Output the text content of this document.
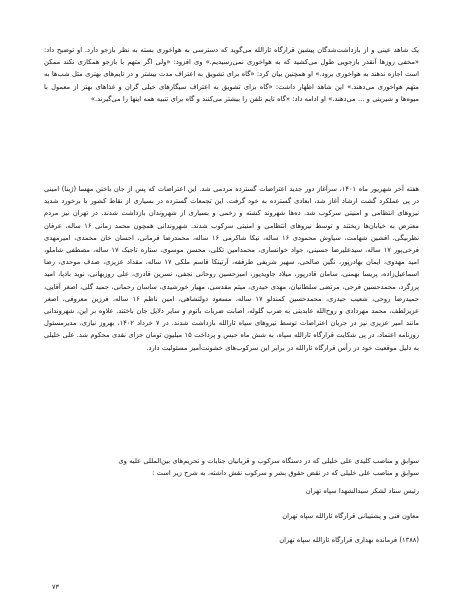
یک شاهد عینی و از بازداشت‌شدگان پیشین قرارگاه ثارالله می‌گوید که دسترسی به هواخوری بسته به نظر بازجو دارد. او توضیح داد: «مخفی روزها آنقدر بازجویی طول می‌کشید که به هواخوری نمی‌رسیدیم.» وی افزود: «ولی اگر متهم با بازجو همکاری نکند ممکن است اجازه ندهند به هواخوری برود.» او همچنین بیان کرد: «گاه برای تشویق به اعتراف مدت بیشتر و در تایم‌های بهتری مثل شب‌ها به متهم هواخوری می‌دهند.» این شاهد اظهار داشت: «گاه برای تشویق به اعتراف سیگارهای خیلی گران و غذاهای بهتر از معمول با میوه‌ها و شیرینی و ... می‌دهند.» او ادامه داد: «گاه تایم تلفن را بیشتر می‌کنند و گاه برای تنبیه همه اینها را می‌گیرند.»

هفته آخر شهریور ماه ۱۴۰۱، سرآغاز دور جدید اعتراضات گسترده مردمی شد. این اعتراضات که پس از جان باختن مهسا (ژینا) امینی در پی عملکرد گشت ارشاد آغاز شد، ابعادی گسترده به خود گرفت. این تجمعات گسترده در بسیاری از نقاط کشور با برخورد شدید نیروهای انتظامی و امنیتی سرکوب شد. ده‌ها شهروند کشته و زخمی و بسیاری از شهروندان بازداشت شدند. در تهران نیز مردم معترض به خیابان‌ها ریختند و توسط نیروهای انتظامی و امنیتی سرکوب شدند. شهروندانی همچون محمد زمانی ۱۶ ساله، عرفان نظربیگی، افشین شهامت، سیاوش محمودی ۱۶ ساله، نیکا شاکرمی ۱۶ ساله، محمدرضا قرمانی، احسان خان محمدی، امیرمهدی فرخی‌پور ۱۷ ساله، سیدعلیرضا حسینی، جواد خوانساری، محمدامین تکلی، محسن موسوی، ستاره تاجیک ۱۷ ساله، مصطفی شاملو، امید مهدوی، ایمان بهادرپور، نگین صالحی، سهیر شریفی طرفقه، آرتینکا قاسم ملکی ۱۷ ساله، مقداد عزیزی، صدف موحدی، رضا اسماعیل‌زاده، پریسا بهمنی، سامان قادرپور، میلاد جاویدپور، امیرحسین روحانی نجفی، نسرین قادری، علی روزبهانی، نوید بادپا، امید پرزگرد، محمدحسین فرجی، مرتضی سلطانیان، مهدی حیدری، میثم مقدسی، مهیار خورشیدی، ساسان رحمانی، حمید گلی، اصغر آقایی، حمیدرضا روحی، شعیب حیدری، محمدحسین کمندلو ۱۷ ساله، مسعود دولتشاهی، امین ناظم ۱۶ ساله، فرزین معروفی، اصغر عزیزلطف، محمد مهردادی و روح‌الله عابدینی به ضرب گلوله، اصابت ضربات باتوم و سایر دلایل جان باختند. علاوه بر این، شهروندانی مانند امیر عزیزی نیز در جریان اعتراضات توسط نیروهای سپاه ثارالله بازداشت شدند. در ۷ خرداد ۱۴۰۲، بهروز نیازی، مدیرمسئول روزنامه اعتماد، در پی شکایت قرارگاه ثارالله سپاه، به شش ماه حبس و پرداخت ۱۵ میلیون تومان جزای نقدی محکوم شد. علی خلیلی به دلیل موقعیت خود در رأس قرارگاه ثارالله در برابر این سرکوب‌های خشونت‌آمیز مسئولیت دارد.

سوابق و مناصب کلیدی علی خلیلی که در دستگاه سرکوب و قربانیان جنایات و تحریم‌های بین‌المللی علیه وی

سوابق و مناصب علی خلیلی که در نقض حقوق بشر و سرکوب نقش داشته، به شرح زیر است :

رئیس ستاد لشکر سیدالشهدا سپاه تهران

معاون فنی و پشتیبانی قرارگاه ثارالله سپاه تهران

(۱۳۸۸) فرمانده بهداری قرارگاه ثارالله سپاه تهران

۷۳
